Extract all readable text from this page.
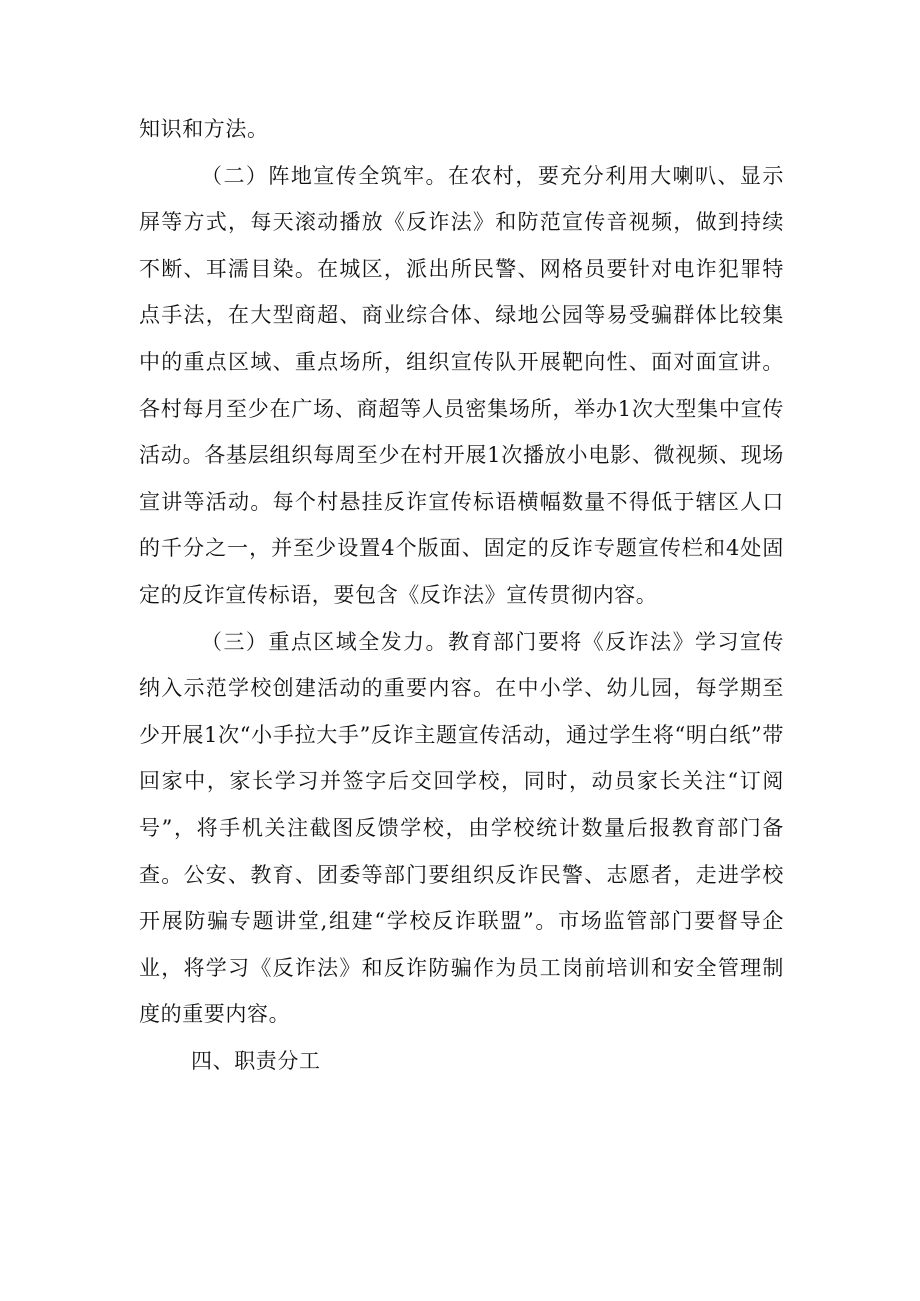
知识和方法。

（二）阵地宣传全筑牢。在农村，要充分利用大喇叭、显示屏等方式，每天滚动播放《反诈法》和防范宣传音视频，做到持续不断、耳濡目染。在城区，派出所民警、网格员要针对电诈犯罪特点手法，在大型商超、商业综合体、绿地公园等易受骗群体比较集中的重点区域、重点场所，组织宣传队开展靶向性、面对面宣讲。各村每月至少在广场、商超等人员密集场所，举办1次大型集中宣传活动。各基层组织每周至少在村开展1次播放小电影、微视频、现场宣讲等活动。每个村悬挂反诈宣传标语横幅数量不得低于辖区人口的千分之一，并至少设置4个版面、固定的反诈专题宣传栏和4处固定的反诈宣传标语，要包含《反诈法》宣传贯彻内容。

（三）重点区域全发力。教育部门要将《反诈法》学习宣传纳入示范学校创建活动的重要内容。在中小学、幼儿园，每学期至少开展1次“小手拉大手”反诈主题宣传活动，通过学生将“明白纸”带回家中，家长学习并签字后交回学校，同时，动员家长关注“订阅号”，将手机关注截图反馈学校，由学校统计数量后报教育部门备查。公安、教育、团委等部门要组织反诈民警、志愿者，走进学校开展防骗专题讲堂,组建“学校反诈联盟”。市场监管部门要督导企业，将学习《反诈法》和反诈防骗作为员工岗前培训和安全管理制度的重要内容。

四、职责分工
